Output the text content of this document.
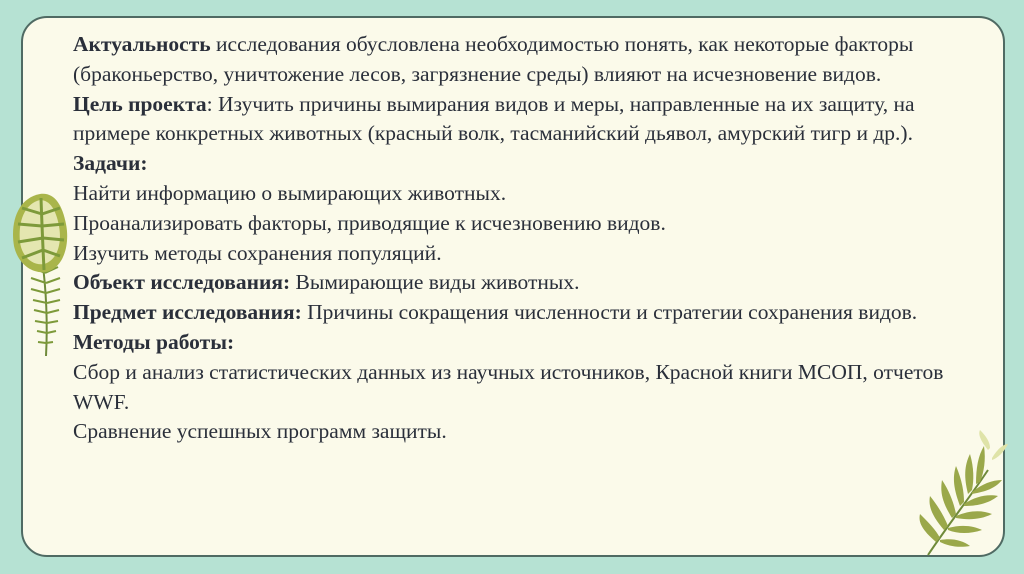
Актуальность исследования обусловлена необходимостью понять, как некоторые факторы (браконьерство, уничтожение лесов, загрязнение среды) влияют на исчезновение видов.

Цель проекта: Изучить причины вымирания видов и меры, направленные на их защиту, на примере конкретных животных (красный волк, тасманийский дьявол, амурский тигр и др.).

Задачи:

Найти информацию о вымирающих животных.

Проанализировать факторы, приводящие к исчезновению видов.

Изучить методы сохранения популяций.

Объект исследования: Вымирающие виды животных.

Предмет исследования: Причины сокращения численности и стратегии сохранения видов.

Методы работы:

Сбор и анализ статистических данных из научных источников, Красной книги МСОП, отчетов WWF.

Сравнение успешных программ защиты.
